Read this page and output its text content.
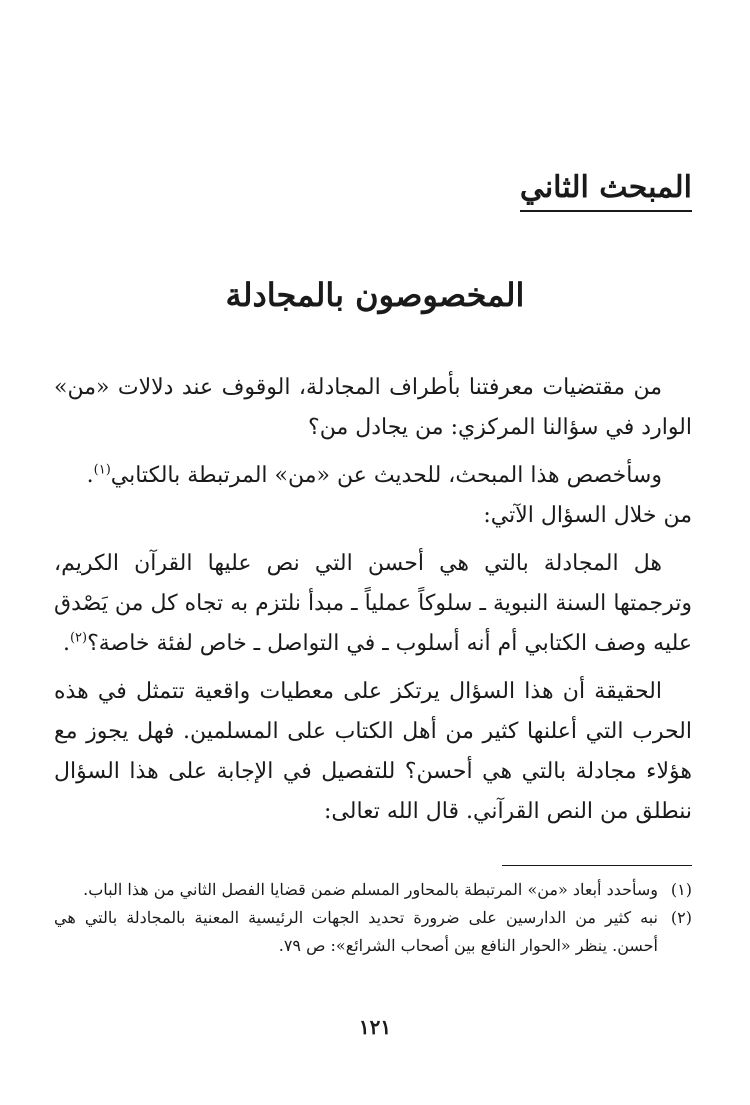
المبحث الثاني
المخصوصون بالمجادلة

من مقتضيات معرفتنا بأطراف المجادلة، الوقوف عند دلالات «من» الوارد في سؤالنا المركزي: من يجادل من؟

وسأخصص هذا المبحث، للحديث عن «من» المرتبطة بالكتابي$^{(١)}$.

من خلال السؤال الآتي:

هل المجادلة بالتي هي أحسن التي نص عليها القرآن الكريم، وترجمتها السنة النبوية ـ سلوكاً عملياً ـ مبدأ نلتزم به تجاه كل من يَصْدق عليه وصف الكتابي أم أنه أسلوب ـ في التواصل ـ خاص لفئة خاصة؟$^{(٢)}$.

الحقيقة أن هذا السؤال يرتكز على معطيات واقعية تتمثل في هذه الحرب التي أعلنها كثير من أهل الكتاب على المسلمين. فهل يجوز مع هؤلاء مجادلة بالتي هي أحسن؟ للتفصيل في الإجابة على هذا السؤال ننطلق من النص القرآني. قال الله تعالى:

(١)
وسأحدد أبعاد «من» المرتبطة بالمحاور المسلم ضمن قضايا الفصل الثاني من هذا الباب.
(٢)
نبه كثير من الدارسين على ضرورة تحديد الجهات الرئيسية المعنية بالمجادلة بالتي هي أحسن. ينظر «الحوار النافع بين أصحاب الشرائع»: ص ٧٩.
١٢١
